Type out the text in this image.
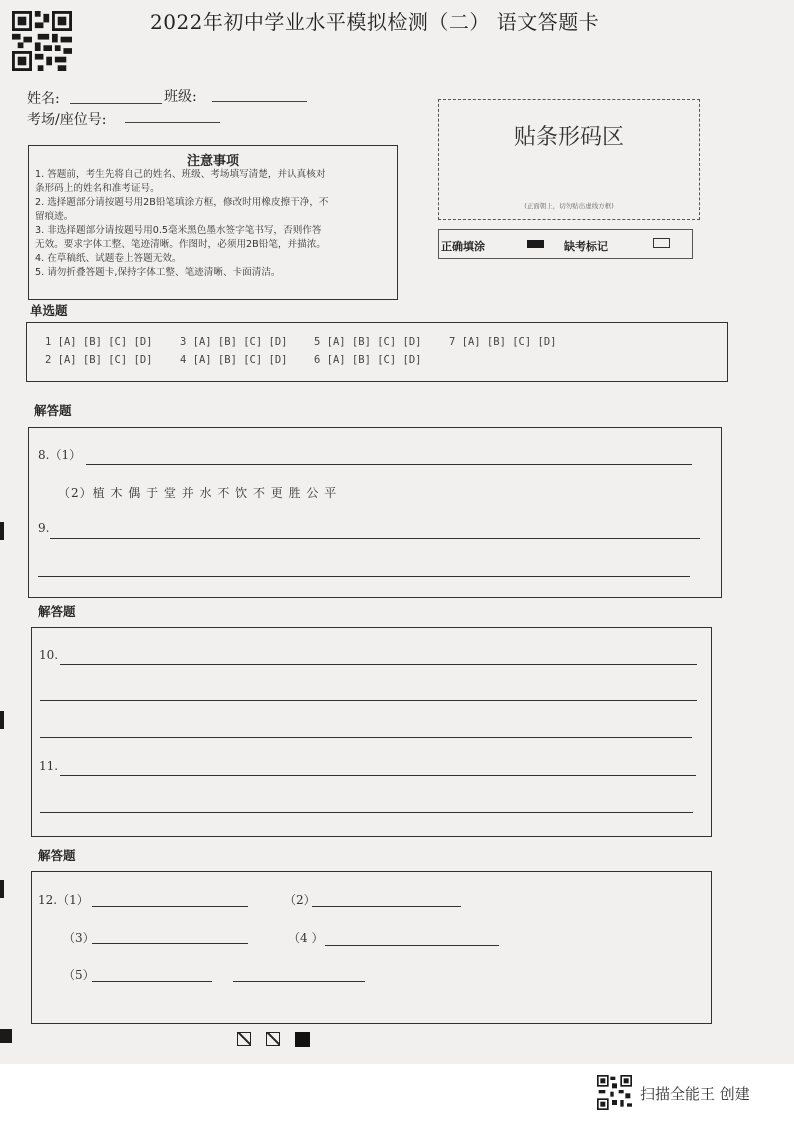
2022年初中学业水平模拟检测（二） 语文答题卡
姓名:	班级:
考场/座位号:
注意事项
1. 答题前，考生先将自己的姓名、班级、考场填写清楚，并认真核对
条形码上的姓名和准考证号。
2. 选择题部分请按题号用2B铅笔填涂方框，修改时用橡皮擦干净，不
留痕迹。
3. 非选择题部分请按题号用0.5毫米黑色墨水签字笔书写，否则作答
无效。要求字体工整、笔迹清晰。作图时，必须用2B铅笔，并描浓。
4. 在草稿纸、试题卷上答题无效。
5. 请勿折叠答题卡,保持字体工整、笔迹清晰、卡面清洁。
贴条形码区
(正面朝上，切勿贴出虚线方框)
正确填涂	缺考标记
单选题
1 [A] [B] [C] [D]
2 [A] [B] [C] [D]
3 [A] [B] [C] [D]
4 [A] [B] [C] [D]
5 [A] [B] [C] [D]
6 [A] [B] [C] [D]
7 [A] [B] [C] [D]
解答题
8.（1）
（2）植 木 偶 于 堂 并 水 不 饮 不 更 胜 公 平
9.
解答题
10.
11.
解答题
12.（1）	（2）
（3）	（4 ）
（5）
扫描全能王 创建
